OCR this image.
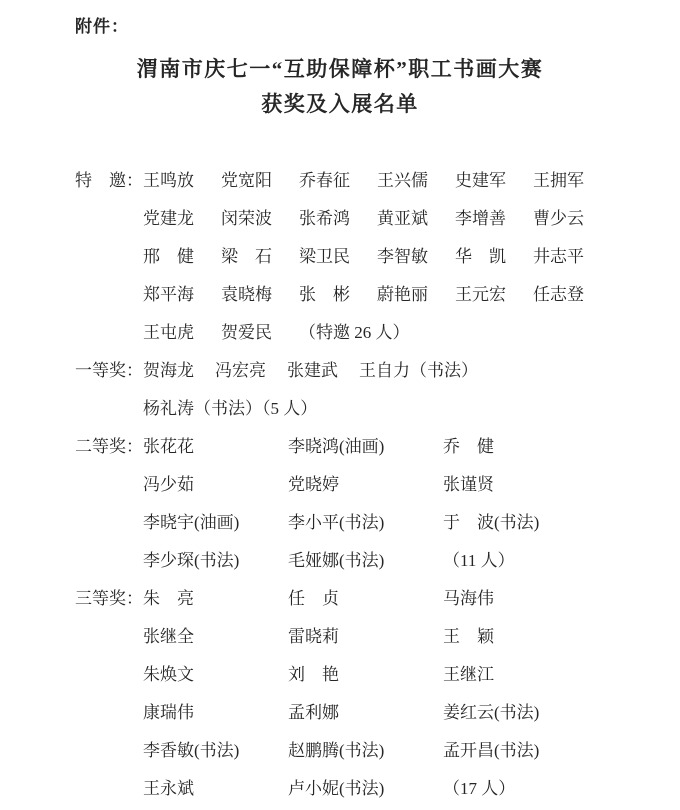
附件：
渭南市庆七一“互助保障杯”职工书画大赛
获奖及入展名单
特　邀： 王鸣放	党宽阳	乔春征	王兴儒	史建军	王拥军
党建龙	闵荣波	张希鸿	黄亚斌	李增善	曹少云
邢　健	梁　石	梁卫民	李智敏	华　凯	井志平
郑平海	袁晓梅	张　彬	蔚艳丽	王元宏	任志登
王屯虎	贺爱民	（特邀 26 人）
一等奖： 贺海龙	冯宏亮	张建武	王自力（书法）
杨礼涛（书法）（5 人）
二等奖： 张花花	李晓鸿(油画)	乔　健
冯少茹	党晓婷	张谨贤
李晓宇(油画)	李小平(书法)	于　波(书法)
李少琛(书法)	毛娅娜(书法)	（11 人）
三等奖： 朱　亮	任　贞	马海伟
张继全	雷晓莉	王　颖
朱焕文	刘　艳	王继江
康瑞伟	孟利娜	姜红云(书法)
李香敏(书法)	赵鹏腾(书法)	孟开昌(书法)
王永斌	卢小妮(书法)	（17 人）
